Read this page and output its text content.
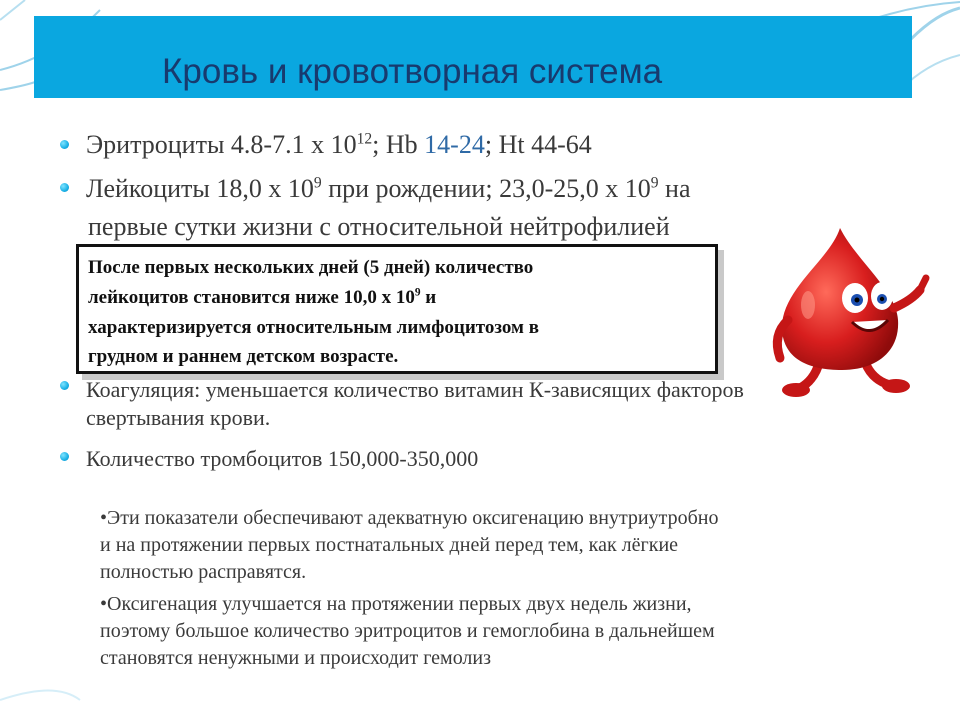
Кровь и кровотворная система
Эритроциты 4.8-7.1 х $10^{12}$; Hb 14-24; Ht 44-64
Лейкоциты 18,0 х $10^9$ при рождении; 23,0-25,0 х $10^9$ на
первые сутки жизни с относительной нейтрофилией
После первых нескольких дней (5 дней) количество
лейкоцитов становится ниже 10,0 х $10^9$ и
характеризируется относительным лимфоцитозом в
грудном и раннем детском возрасте.
Коагуляция: уменьшается количество витамин К-зависящих факторов
свертывания крови.
Количество тромбоцитов 150,000-350,000
•Эти показатели обеспечивают адекватную оксигенацию внутриутробно
и на протяжении первых постнатальных дней перед тем, как лёгкие
полностью расправятся.
•Оксигенация улучшается на протяжении первых двух недель жизни,
поэтому большое количество эритроцитов и гемоглобина в дальнейшем
становятся ненужными и происходит гемолиз
